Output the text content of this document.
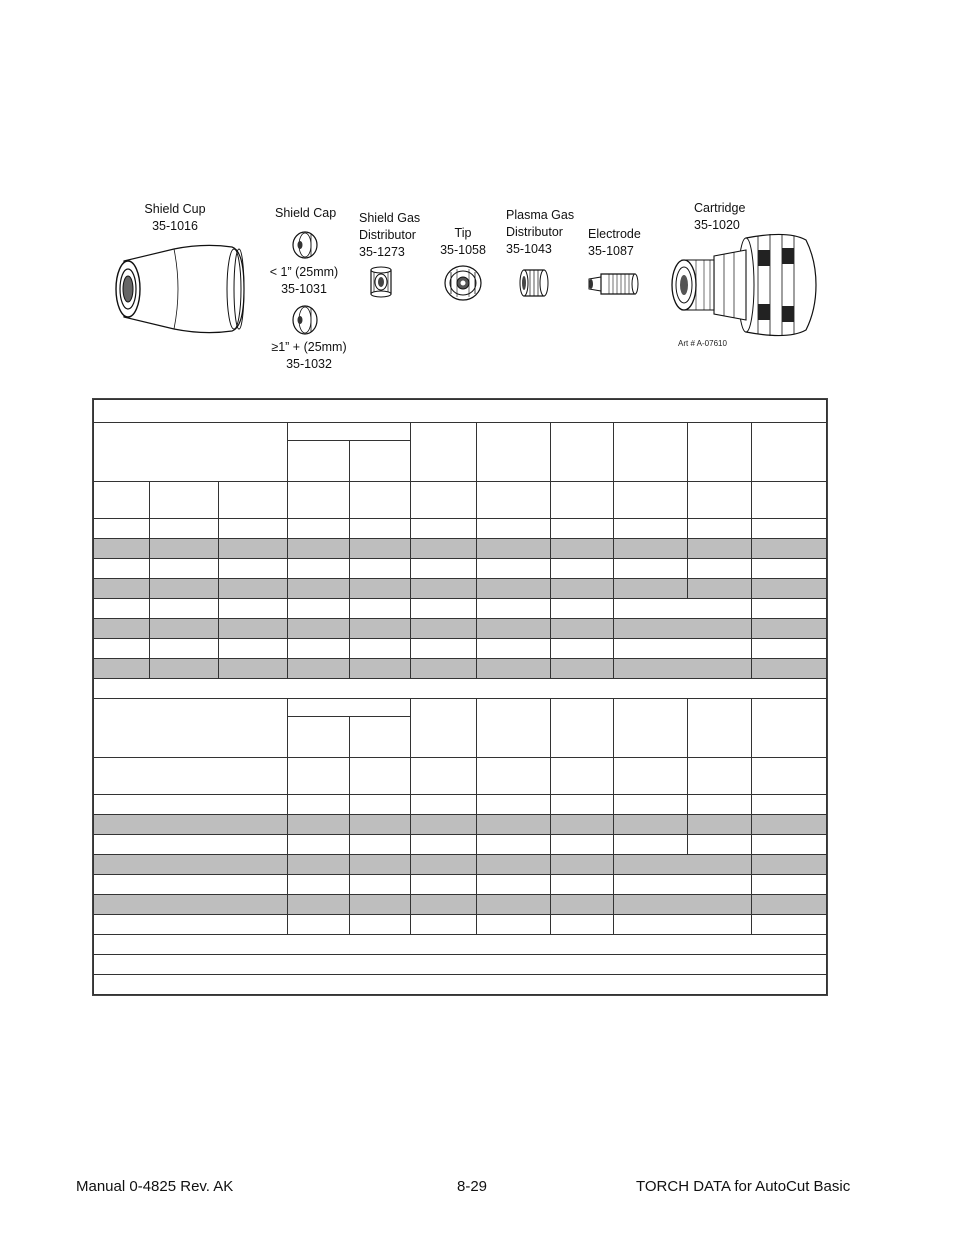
Shield Cup
35-1016
Shield Cap
< 1” (25mm)
35-1031
≥1” + (25mm)
35-1032
Shield Gas
Distributor
35-1273
Tip
35-1058
Plasma Gas
Distributor
35-1043
Electrode
35-1087
Cartridge
35-1020
Art # A-07610

Manual 0-4825 Rev. AK	8-29	TORCH DATA for AutoCut Basic
